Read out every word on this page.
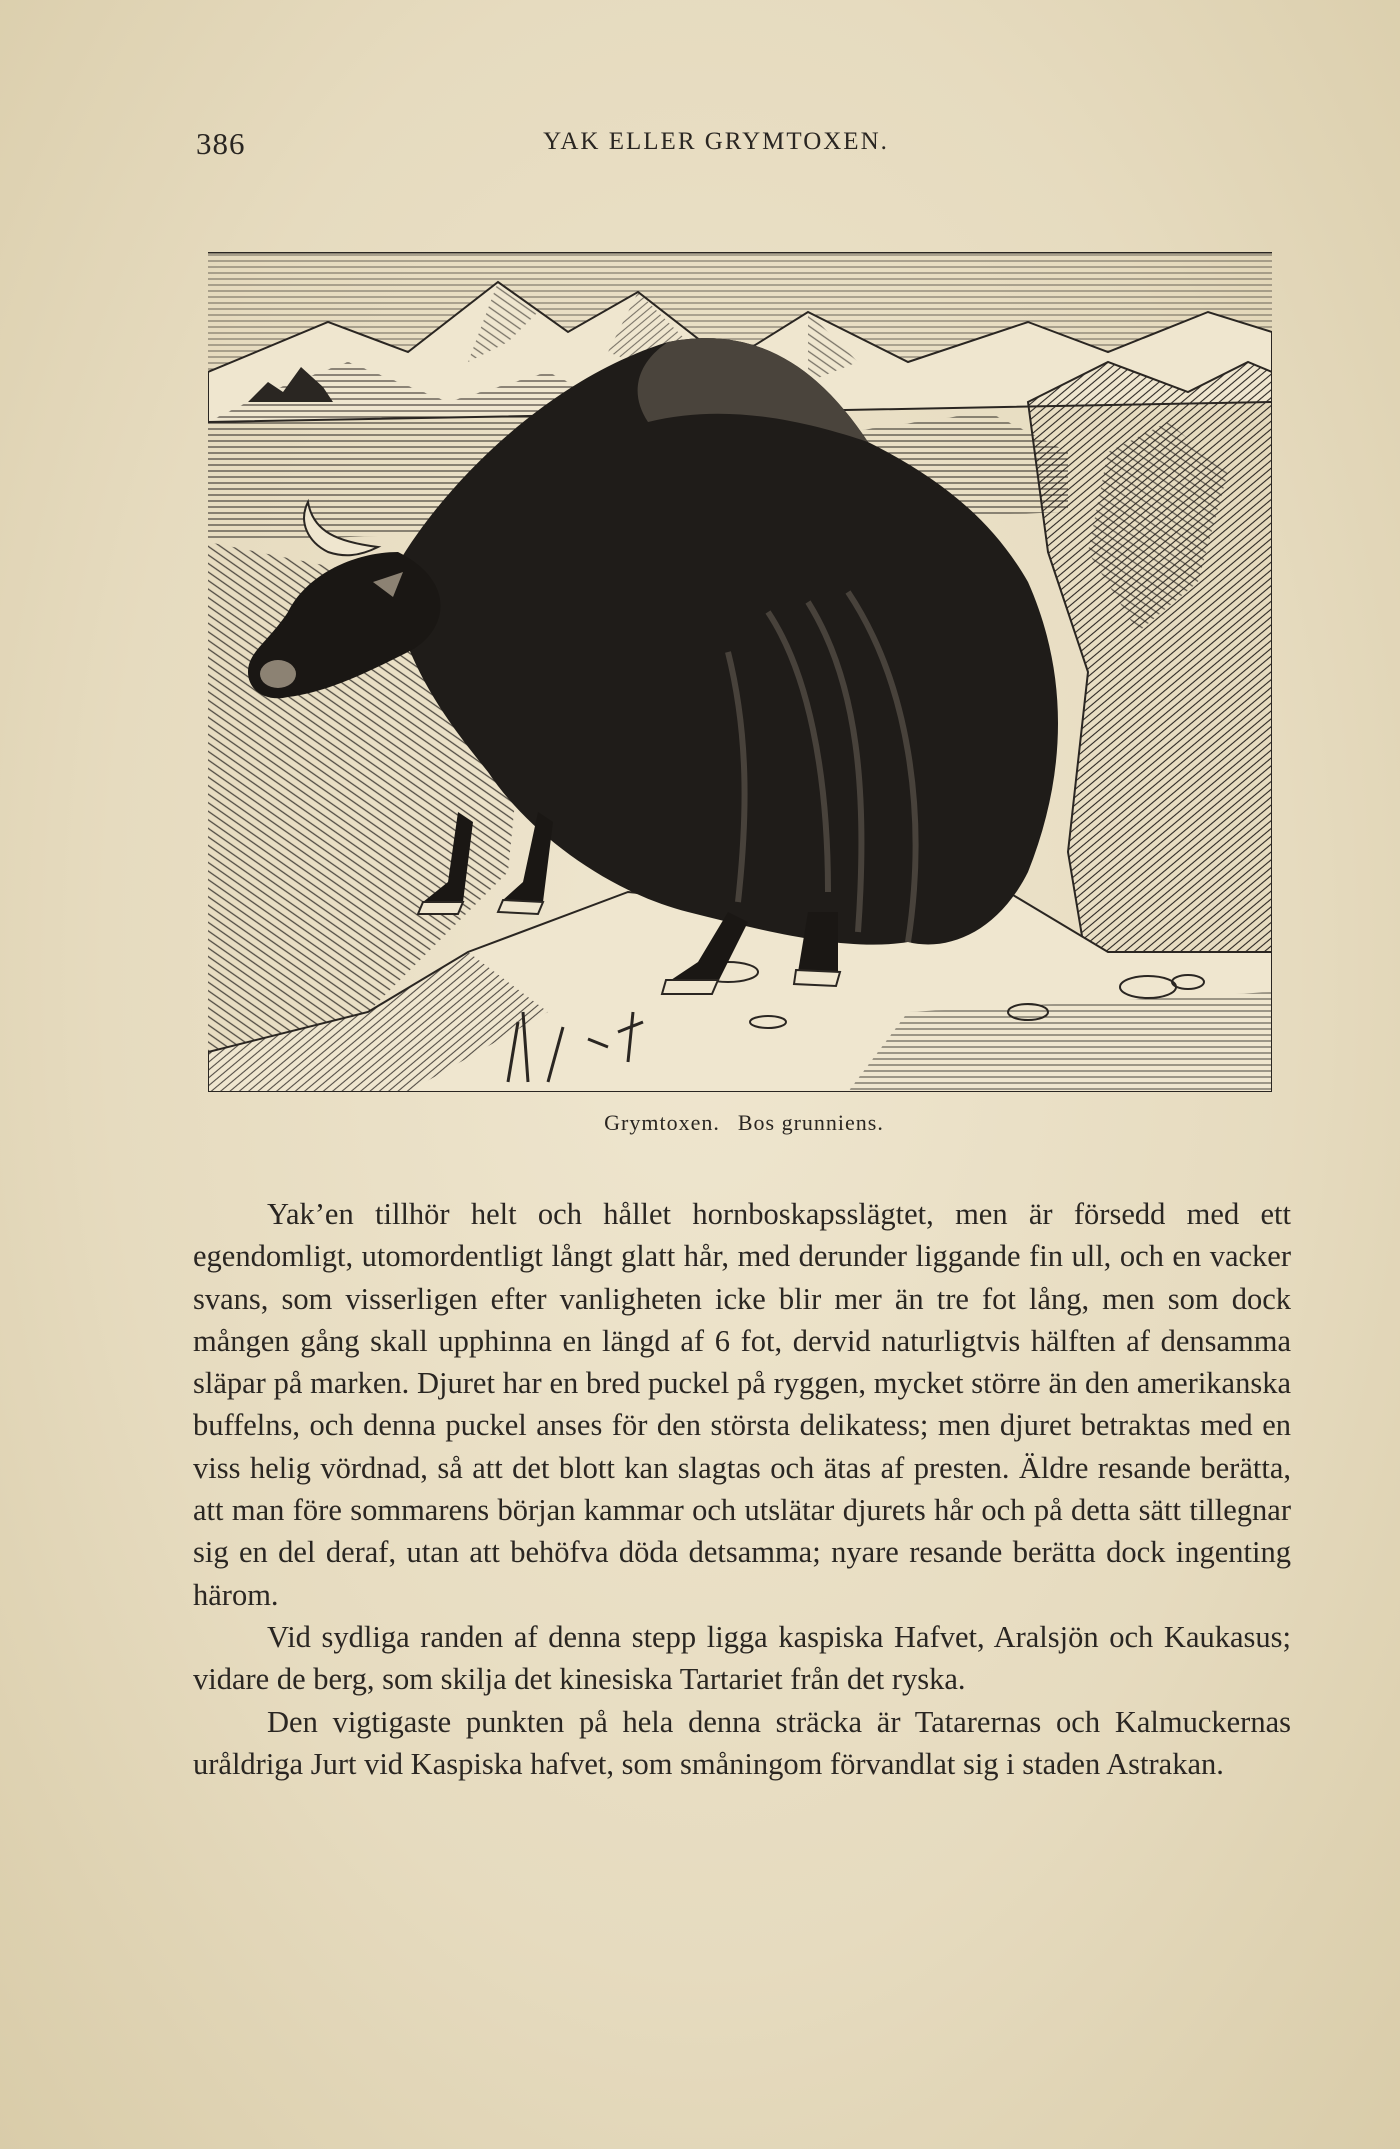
386	YAK ELLER GRYMTOXEN.
Grymtoxen. Bos grunniens.

Yak’en tillhör helt och hållet hornboskapsslägtet, men är försedd med ett egendomligt, utomordentligt långt glatt hår, med derunder liggande fin ull, och en vacker svans, som visserligen efter vanligheten icke blir mer än tre fot lång, men som dock mången gång skall upphinna en längd af 6 fot, dervid naturligtvis hälften af densamma släpar på marken. Djuret har en bred puckel på ryggen, mycket större än den amerikanska buffelns, och denna puckel anses för den största delikatess; men djuret betraktas med en viss helig vördnad, så att det blott kan slagtas och ätas af presten. Äldre resande berätta, att man före sommarens början kammar och utslätar djurets hår och på detta sätt tillegnar sig en del deraf, utan att behöfva döda detsamma; nyare resande berätta dock ingenting härom.

Vid sydliga randen af denna stepp ligga kaspiska Hafvet, Aralsjön och Kaukasus; vidare de berg, som skilja det kinesiska Tartariet från det ryska.

Den vigtigaste punkten på hela denna sträcka är Tatarernas och Kalmuckernas uråldriga Jurt vid Kaspiska hafvet, som småningom förvandlat sig i staden Astrakan.
